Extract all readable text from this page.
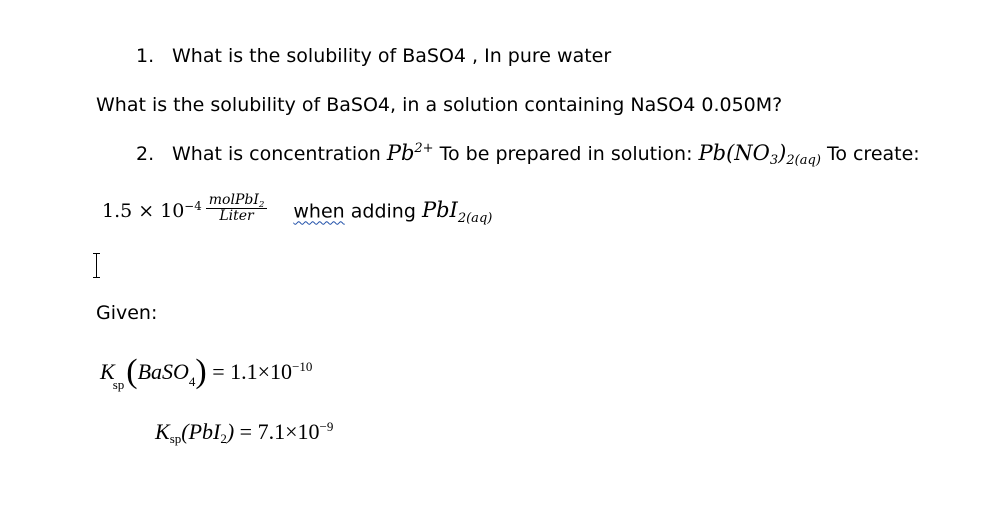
1. What is the solubility of BaSO4 , In pure water
What is the solubility of BaSO4, in a solution containing NaSO4 0.050M?
2. What is concentration $Pb^{2+}$ To be prepared in solution: $Pb(NO_3)_{2(aq)}$ To create:
$1.5 \times 10^{-4} \frac{molPbI_2}{\text{Liter}}$ when adding PbI$_{2(aq)}$
Given:
$K_{sp}(BaSO_4) = 1.1\times 10^{-10}$
$K_{sp}(PbI_2) = 7.1\times 10^{-9}$
